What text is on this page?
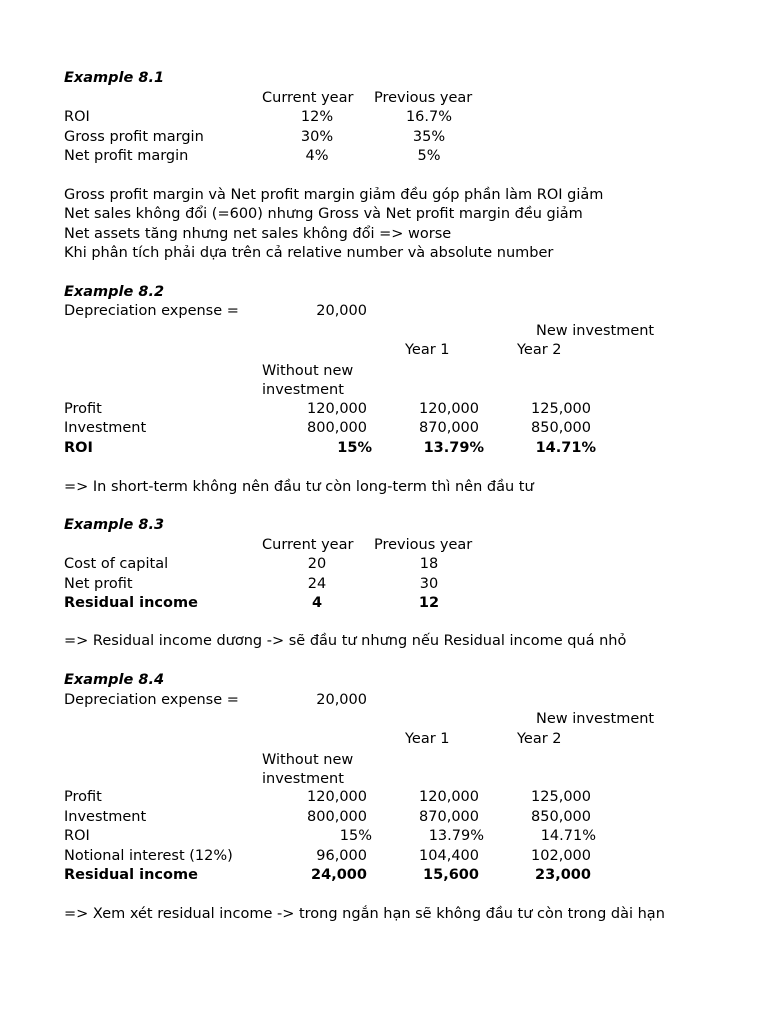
Example 8.1
Current year Previous year
ROI	12%	16.7%
Gross profit margin	30%	35%
Net profit margin	4%	5%
Gross profit margin và Net profit margin giảm đều góp phần làm ROI giảm
Net sales không đổi (=600) nhưng Gross và Net profit margin đều giảm
Net assets tăng nhưng net sales không đổi => worse
Khi phân tích phải dựa trên cả relative number và absolute number
Example 8.2
Depreciation expense =	20,000
New investment
Year 1	Year 2
Without new
investment
Profit	120,000	120,000	125,000
Investment	800,000	870,000	850,000
ROI	15%	13.79%	14.71%
=> In short-term không nên đầu tư còn long-term thì nên đầu tư
Example 8.3
Current year Previous year
Cost of capital	20	18
Net profit	24	30
Residual income	4	12
=> Residual income dương -> sẽ đầu tư nhưng nếu Residual income quá nhỏ
Example 8.4
Depreciation expense =	20,000
New investment
Year 1	Year 2
Without new
investment
Profit	120,000	120,000	125,000
Investment	800,000	870,000	850,000
ROI	15%	13.79%	14.71%
Notional interest (12%)	96,000	104,400	102,000
Residual income	24,000	15,600	23,000
=> Xem xét residual income -> trong ngắn hạn sẽ không đầu tư còn trong dài hạn
